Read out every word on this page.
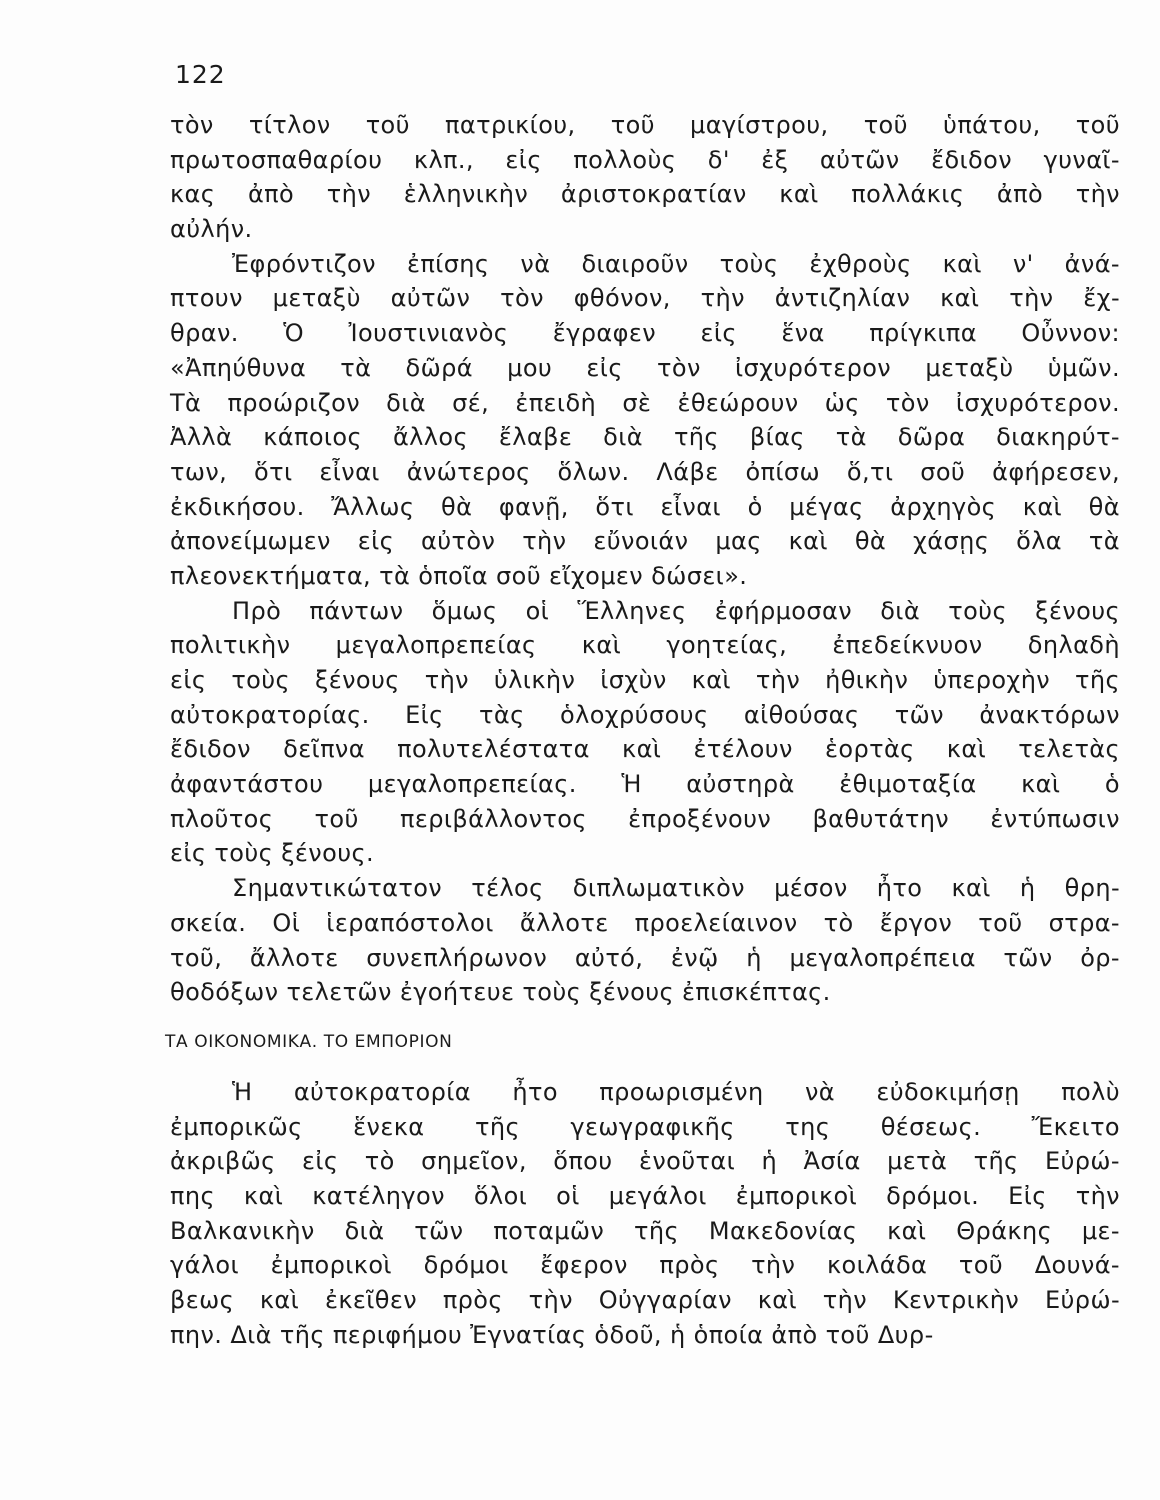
122
τὸν τίτλον τοῦ πατρικίου, τοῦ μαγίστρου, τοῦ ὑπάτου, τοῦ
πρωτοσπαθαρίου κλπ., εἰς πολλοὺς δ' ἐξ αὐτῶν ἔδιδον γυναῖ-
κας ἀπὸ τὴν ἑλληνικὴν ἀριστοκρατίαν καὶ πολλάκις ἀπὸ τὴν
αὐλήν.
Ἐφρόντιζον ἐπίσης νὰ διαιροῦν τοὺς ἐχθροὺς καὶ ν' ἀνά-
πτουν μεταξὺ αὐτῶν τὸν φθόνον, τὴν ἀντιζηλίαν καὶ τὴν ἔχ-
θραν. Ὁ Ἰουστινιανὸς ἔγραφεν εἰς ἕνα πρίγκιπα Οὖννον:
«Ἀπηύθυνα τὰ δῶρά μου εἰς τὸν ἰσχυρότερον μεταξὺ ὑμῶν.
Τὰ προώριζον διὰ σέ, ἐπειδὴ σὲ ἐθεώρουν ὡς τὸν ἰσχυρότερον.
Ἀλλὰ κάποιος ἄλλος ἔλαβε διὰ τῆς βίας τὰ δῶρα διακηρύτ-
των, ὅτι εἶναι ἀνώτερος ὅλων. Λάβε ὀπίσω ὅ,τι σοῦ ἀφήρεσεν,
ἐκδικήσου. Ἄλλως θὰ φανῇ, ὅτι εἶναι ὁ μέγας ἀρχηγὸς καὶ θὰ
ἀπονείμωμεν εἰς αὐτὸν τὴν εὔνοιάν μας καὶ θὰ χάσῃς ὅλα τὰ
πλεονεκτήματα, τὰ ὁποῖα σοῦ εἴχομεν δώσει».
Πρὸ πάντων ὅμως οἱ Ἕλληνες ἐφήρμοσαν διὰ τοὺς ξένους
πολιτικὴν μεγαλοπρεπείας καὶ γοητείας, ἐπεδείκνυον δηλαδὴ
εἰς τοὺς ξένους τὴν ὑλικὴν ἰσχὺν καὶ τὴν ἠθικὴν ὑπεροχὴν τῆς
αὐτοκρατορίας. Εἰς τὰς ὁλοχρύσους αἰθούσας τῶν ἀνακτόρων
ἔδιδον δεῖπνα πολυτελέστατα καὶ ἐτέλουν ἑορτὰς καὶ τελετὰς
ἀφαντάστου μεγαλοπρεπείας. Ἡ αὐστηρὰ ἐθιμοταξία καὶ ὁ
πλοῦτος τοῦ περιβάλλοντος ἐπροξένουν βαθυτάτην ἐντύπωσιν
εἰς τοὺς ξένους.
Σημαντικώτατον τέλος διπλωματικὸν μέσον ἦτο καὶ ἡ θρη-
σκεία. Οἱ ἱεραπόστολοι ἄλλοτε προελείαινον τὸ ἔργον τοῦ στρα-
τοῦ, ἄλλοτε συνεπλήρωνον αὐτό, ἐνῷ ἡ μεγαλοπρέπεια τῶν ὀρ-
θοδόξων τελετῶν ἐγοήτευε τοὺς ξένους ἐπισκέπτας.
ΤΑ ΟΙΚΟΝΟΜΙΚΑ. ΤΟ ΕΜΠΟΡΙΟΝ
Ἡ αὐτοκρατορία ἦτο προωρισμένη νὰ εὐδοκιμήσῃ πολὺ
ἐμπορικῶς ἕνεκα τῆς γεωγραφικῆς της θέσεως. Ἔκειτο
ἀκριβῶς εἰς τὸ σημεῖον, ὅπου ἑνοῦται ἡ Ἀσία μετὰ τῆς Εὐρώ-
πης καὶ κατέληγον ὅλοι οἱ μεγάλοι ἐμπορικοὶ δρόμοι. Εἰς τὴν
Βαλκανικὴν διὰ τῶν ποταμῶν τῆς Μακεδονίας καὶ Θράκης με-
γάλοι ἐμπορικοὶ δρόμοι ἔφερον πρὸς τὴν κοιλάδα τοῦ Δουνά-
βεως καὶ ἐκεῖθεν πρὸς τὴν Οὐγγαρίαν καὶ τὴν Κεντρικὴν Εὐρώ-
πην. Διὰ τῆς περιφήμου Ἐγνατίας ὁδοῦ, ἡ ὁποία ἀπὸ τοῦ Δυρ-
